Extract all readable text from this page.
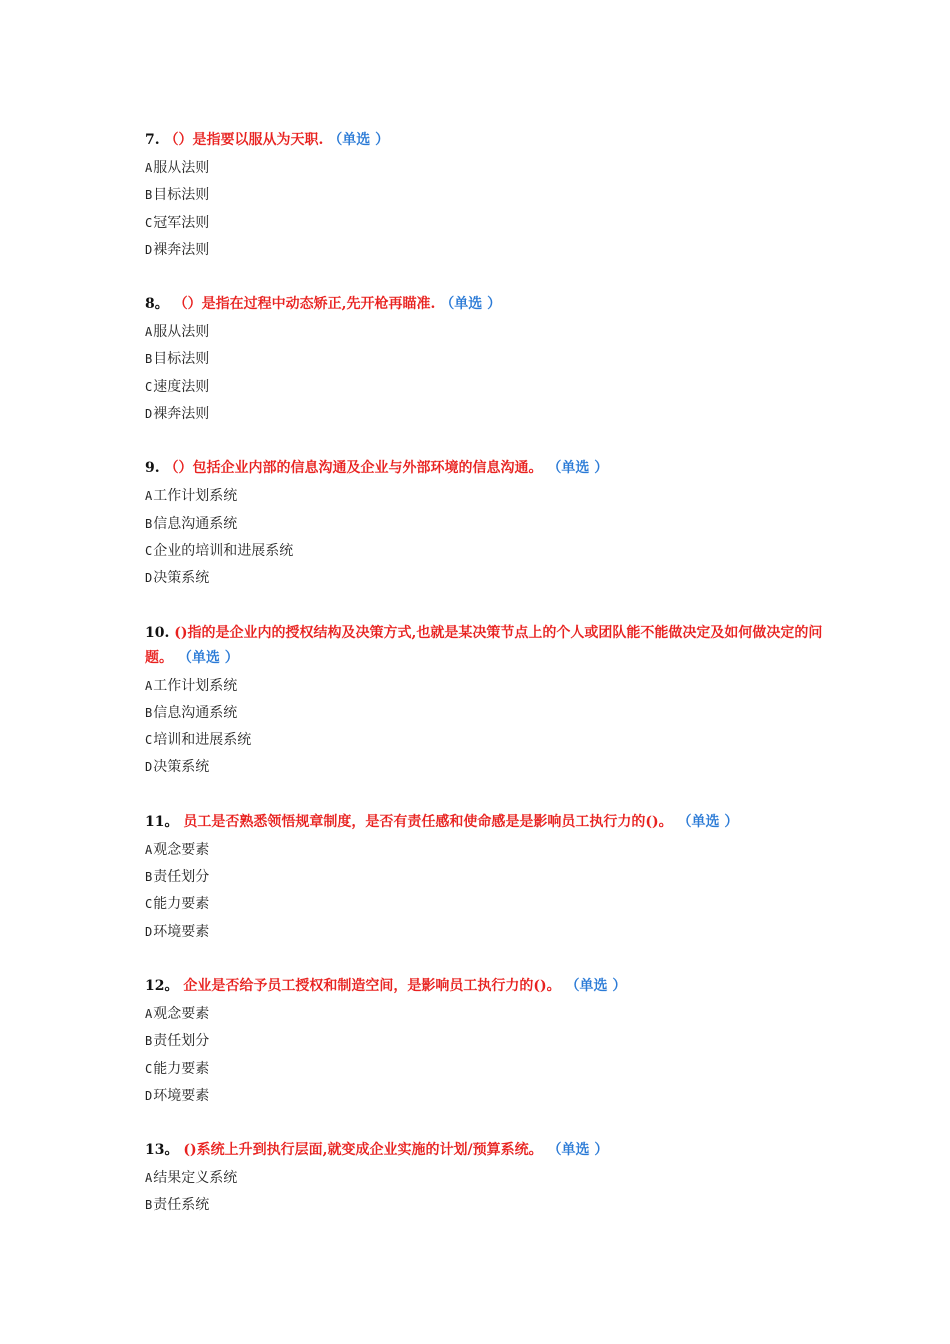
7. （）是指要以服从为天职. （单选 ）
A服从法则
B目标法则
C冠军法则
D裸奔法则
8。 （）是指在过程中动态矫正,先开枪再瞄准. （单选 ）
A服从法则
B目标法则
C速度法则
D裸奔法则
9. （）包括企业内部的信息沟通及企业与外部环境的信息沟通。 （单选 ）
A工作计划系统
B信息沟通系统
C企业的培训和进展系统
D决策系统
10. ()指的是企业内的授权结构及决策方式,也就是某决策节点上的个人或团队能不能做决定及如何做决定的问题。 （单选 ）
A工作计划系统
B信息沟通系统
C培训和进展系统
D决策系统
11。 员工是否熟悉领悟规章制度，是否有责任感和使命感是是影响员工执行力的()。 （单选 ）
A观念要素
B责任划分
C能力要素
D环境要素
12。 企业是否给予员工授权和制造空间，是影响员工执行力的()。 （单选 ）
A观念要素
B责任划分
C能力要素
D环境要素
13。 ()系统上升到执行层面,就变成企业实施的计划/预算系统。 （单选 ）
A结果定义系统
B责任系统
